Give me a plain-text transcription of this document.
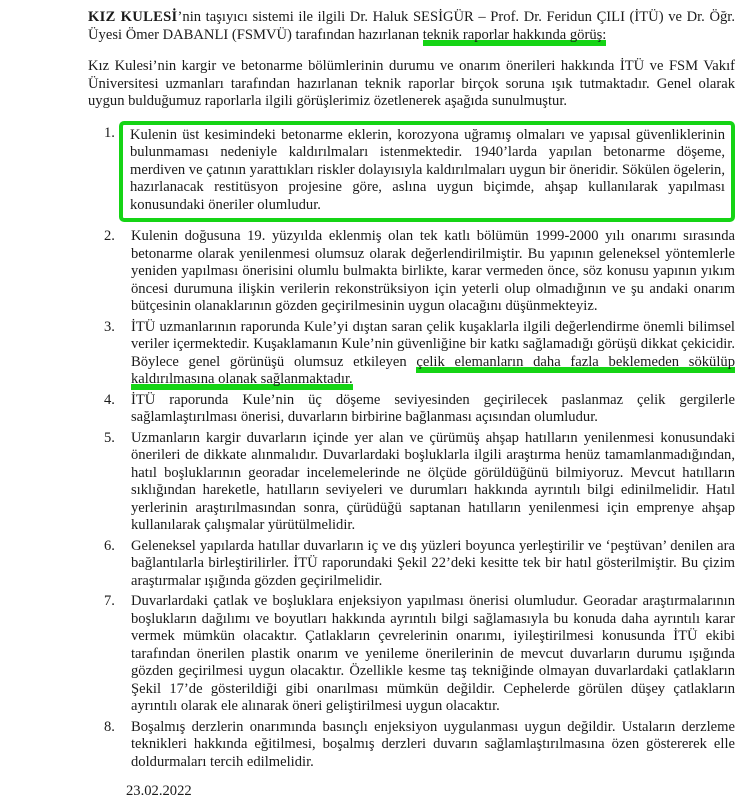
KIZ KULESİ’nin taşıyıcı sistemi ile ilgili Dr. Haluk SESİGÜR – Prof. Dr. Feridun ÇILI (İTÜ) ve Dr. Öğr. Üyesi Ömer DABANLI (FSMVÜ) tarafından hazırlanan teknik raporlar hakkında görüş:

Kız Kulesi’nin kargir ve betonarme bölümlerinin durumu ve onarım önerileri hakkında İTÜ ve FSM Vakıf Üniversitesi uzmanları tarafından hazırlanan teknik raporlar birçok soruna ışık tutmaktadır. Genel olarak uygun bulduğumuz raporlarla ilgili görüşlerimiz özetlenerek aşağıda sunulmuştur.

1.	Kulenin üst kesimindeki betonarme eklerin, korozyona uğramış olmaları ve yapısal güvenliklerinin bulunmaması nedeniyle kaldırılmaları istenmektedir. 1940’larda yapılan betonarme döşeme, merdiven ve çatının yarattıkları riskler dolayısıyla kaldırılmaları uygun bir öneridir. Sökülen ögelerin, hazırlanacak restitüsyon projesine göre, aslına uygun biçimde, ahşap kullanılarak yapılması konusundaki öneriler olumludur.
2.	Kulenin doğusuna 19. yüzyılda eklenmiş olan tek katlı bölümün 1999-2000 yılı onarımı sırasında betonarme olarak yenilenmesi olumsuz olarak değerlendirilmiştir. Bu yapının geleneksel yöntemlerle yeniden yapılması önerisini olumlu bulmakta birlikte, karar vermeden önce, söz konusu yapının yıkım öncesi durumuna ilişkin verilerin rekonstrüksiyon için yeterli olup olmadığının ve şu andaki onarım bütçesinin olanaklarının gözden geçirilmesinin uygun olacağını düşünmekteyiz.
3.	İTÜ uzmanlarının raporunda Kule’yi dıştan saran çelik kuşaklarla ilgili değerlendirme önemli bilimsel veriler içermektedir. Kuşaklamanın Kule’nin güvenliğine bir katkı sağlamadığı görüşü dikkat çekicidir. Böylece genel görünüşü olumsuz etkileyen çelik elemanların daha fazla beklemeden sökülüp kaldırılmasına olanak sağlanmaktadır.
4.	İTÜ raporunda Kule’nin üç döşeme seviyesinden geçirilecek paslanmaz çelik gergilerle sağlamlaştırılması önerisi, duvarların birbirine bağlanması açısından olumludur.
5.	Uzmanların kargir duvarların içinde yer alan ve çürümüş ahşap hatılların yenilenmesi konusundaki önerileri de dikkate alınmalıdır. Duvarlardaki boşluklarla ilgili araştırma henüz tamamlanmadığından, hatıl boşluklarının georadar incelemelerinde ne ölçüde görüldüğünü bilmiyoruz. Mevcut hatılların sıklığından hareketle, hatılların seviyeleri ve durumları hakkında ayrıntılı bilgi edinilmelidir. Hatıl yerlerinin araştırılmasından sonra, çürüdüğü saptanan hatılların yenilenmesi için emprenye ahşap kullanılarak çalışmalar yürütülmelidir.
6.	Geleneksel yapılarda hatıllar duvarların iç ve dış yüzleri boyunca yerleştirilir ve ‘peştüvan’ denilen ara bağlantılarla birleştirilirler. İTÜ raporundaki Şekil 22’deki kesitte tek bir hatıl gösterilmiştir. Bu çizim araştırmalar ışığında gözden geçirilmelidir.
7.	Duvarlardaki çatlak ve boşluklara enjeksiyon yapılması önerisi olumludur. Georadar araştırmalarının boşlukların dağılımı ve boyutları hakkında ayrıntılı bilgi sağlamasıyla bu konuda daha ayrıntılı karar vermek mümkün olacaktır. Çatlakların çevrelerinin onarımı, iyileştirilmesi konusunda İTÜ ekibi tarafından önerilen plastik onarım ve yenileme önerilerinin de mevcut duvarların durumu ışığında gözden geçirilmesi uygun olacaktır. Özellikle kesme taş tekniğinde olmayan duvarlardaki çatlakların Şekil 17’de gösterildiği gibi onarılması mümkün değildir. Cephelerde görülen düşey çatlakların ayrıntılı olarak ele alınarak öneri geliştirilmesi uygun olacaktır.
8.	Boşalmış derzlerin onarımında basınçlı enjeksiyon uygulanması uygun değildir. Ustaların derzleme teknikleri hakkında eğitilmesi, boşalmış derzleri duvarın sağlamlaştırılmasına özen göstererek elle doldurmaları tercih edilmelidir.
23.02.2022
